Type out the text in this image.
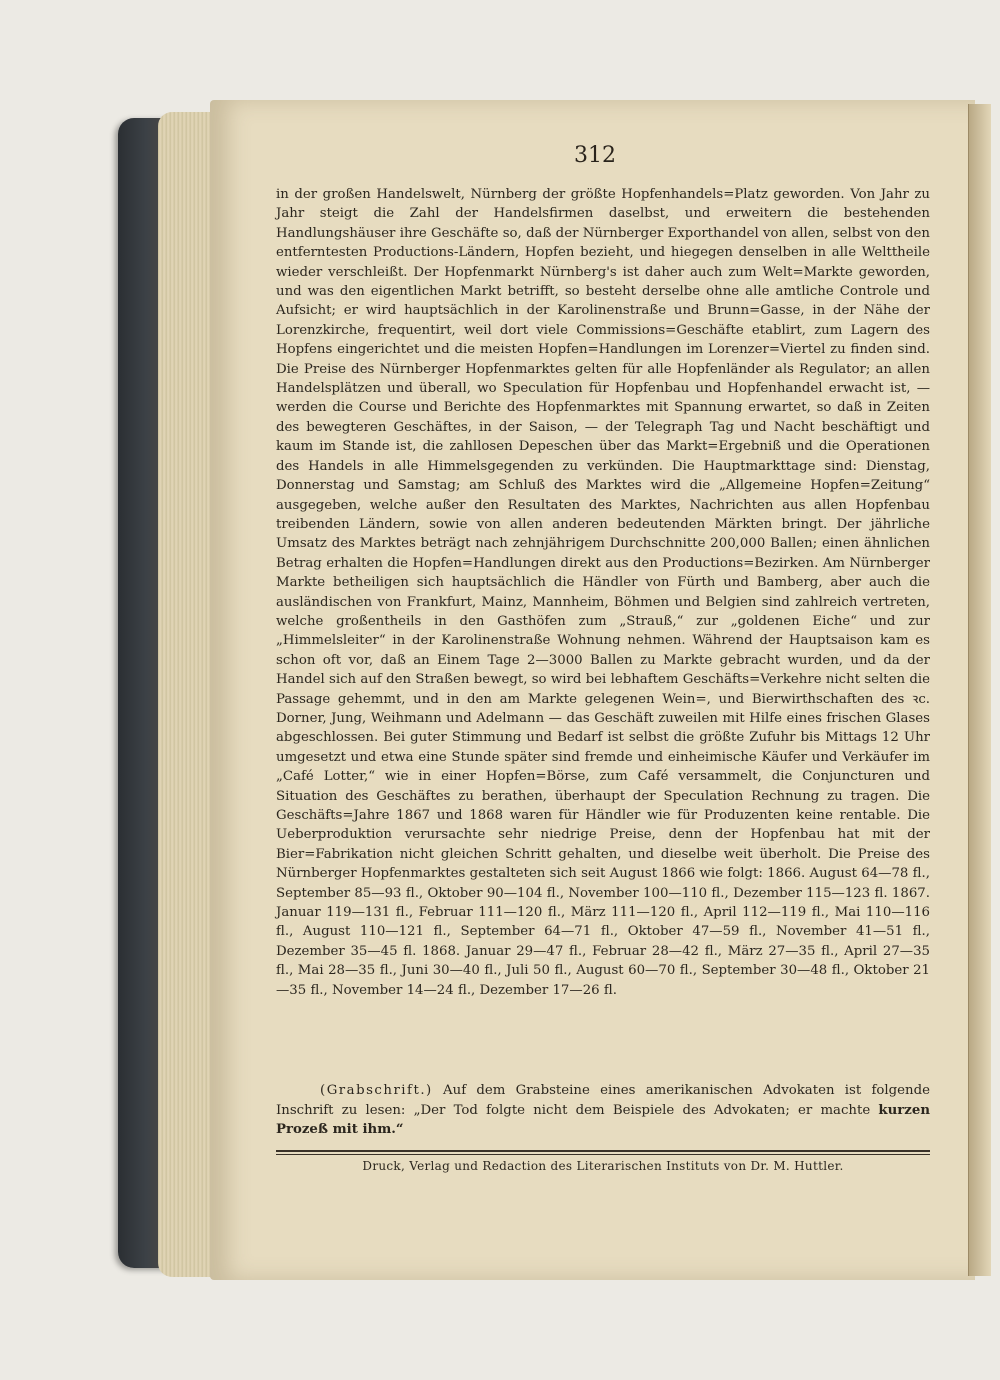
312
in der großen Handelswelt, Nürnberg der größte Hopfenhandels=Platz geworden. Von Jahr zu Jahr steigt die Zahl der Handelsfirmen daselbst, und erweitern die bestehenden Handlungshäuser ihre Geschäfte so, daß der Nürnberger Exporthandel von allen, selbst von den entferntesten Productions-Ländern, Hopfen bezieht, und hiegegen denselben in alle Welttheile wieder verschleißt. Der Hopfenmarkt Nürnberg's ist daher auch zum Welt=Markte geworden, und was den eigentlichen Markt betrifft, so besteht derselbe ohne alle amtliche Controle und Aufsicht; er wird hauptsächlich in der Karolinenstraße und Brunn=Gasse, in der Nähe der Lorenzkirche, frequentirt, weil dort viele Commissions=Geschäfte etablirt, zum Lagern des Hopfens eingerichtet und die meisten Hopfen=Handlungen im Lorenzer=Viertel zu finden sind. Die Preise des Nürnberger Hopfenmarktes gelten für alle Hopfenländer als Regulator; an allen Handelsplätzen und überall, wo Speculation für Hopfenbau und Hopfenhandel erwacht ist, — werden die Course und Berichte des Hopfenmarktes mit Spannung erwartet, so daß in Zeiten des bewegteren Geschäftes, in der Saison, — der Telegraph Tag und Nacht beschäftigt und kaum im Stande ist, die zahllosen Depeschen über das Markt=Ergebniß und die Operationen des Handels in alle Himmelsgegenden zu verkünden. Die Hauptmarkttage sind: Dienstag, Donnerstag und Samstag; am Schluß des Marktes wird die „Allgemeine Hopfen=Zeitung“ ausgegeben, welche außer den Resultaten des Marktes, Nachrichten aus allen Hopfenbau treibenden Ländern, sowie von allen anderen bedeutenden Märkten bringt. Der jährliche Umsatz des Marktes beträgt nach zehnjährigem Durchschnitte 200,000 Ballen; einen ähnlichen Betrag erhalten die Hopfen=Handlungen direkt aus den Productions=Bezirken. Am Nürnberger Markte betheiligen sich hauptsächlich die Händler von Fürth und Bamberg, aber auch die ausländischen von Frankfurt, Mainz, Mannheim, Böhmen und Belgien sind zahlreich vertreten, welche großentheils in den Gasthöfen zum „Strauß,“ zur „goldenen Eiche“ und zur „Himmelsleiter“ in der Karolinenstraße Wohnung nehmen. Während der Hauptsaison kam es schon oft vor, daß an Einem Tage 2—3000 Ballen zu Markte gebracht wurden, und da der Handel sich auf den Straßen bewegt, so wird bei lebhaftem Geschäfts=Verkehre nicht selten die Passage gehemmt, und in den am Markte gelegenen Wein=, und Bierwirthschaften des ꝛc. Dorner, Jung, Weihmann und Adelmann — das Geschäft zuweilen mit Hilfe eines frischen Glases abgeschlossen. Bei guter Stimmung und Bedarf ist selbst die größte Zufuhr bis Mittags 12 Uhr umgesetzt und etwa eine Stunde später sind fremde und einheimische Käufer und Verkäufer im „Café Lotter,“ wie in einer Hopfen=Börse, zum Café versammelt, die Conjuncturen und Situation des Geschäftes zu berathen, überhaupt der Speculation Rechnung zu tragen. Die Geschäfts=Jahre 1867 und 1868 waren für Händler wie für Produzenten keine rentable. Die Ueberproduktion verursachte sehr niedrige Preise, denn der Hopfenbau hat mit der Bier=Fabrikation nicht gleichen Schritt gehalten, und dieselbe weit überholt. Die Preise des Nürnberger Hopfenmarktes gestalteten sich seit August 1866 wie folgt: 1866. August 64—78 fl., September 85—93 fl., Oktober 90—104 fl., November 100—110 fl., Dezember 115—123 fl. 1867. Januar 119—131 fl., Februar 111—120 fl., März 111—120 fl., April 112—119 fl., Mai 110—116 fl., August 110—121 fl., September 64—71 fl., Oktober 47—59 fl., November 41—51 fl., Dezember 35—45 fl. 1868. Januar 29—47 fl., Februar 28—42 fl., März 27—35 fl., April 27—35 fl., Mai 28—35 fl., Juni 30—40 fl., Juli 50 fl., August 60—70 fl., September 30—48 fl., Oktober 21—35 fl., November 14—24 fl., Dezember 17—26 fl.
(Grabschrift.) Auf dem Grabsteine eines amerikanischen Advokaten ist folgende Inschrift zu lesen: „Der Tod folgte nicht dem Beispiele des Advokaten; er machte kurzen Prozeß mit ihm.“
Druck, Verlag und Redaction des Literarischen Instituts von Dr. M. Huttler.
